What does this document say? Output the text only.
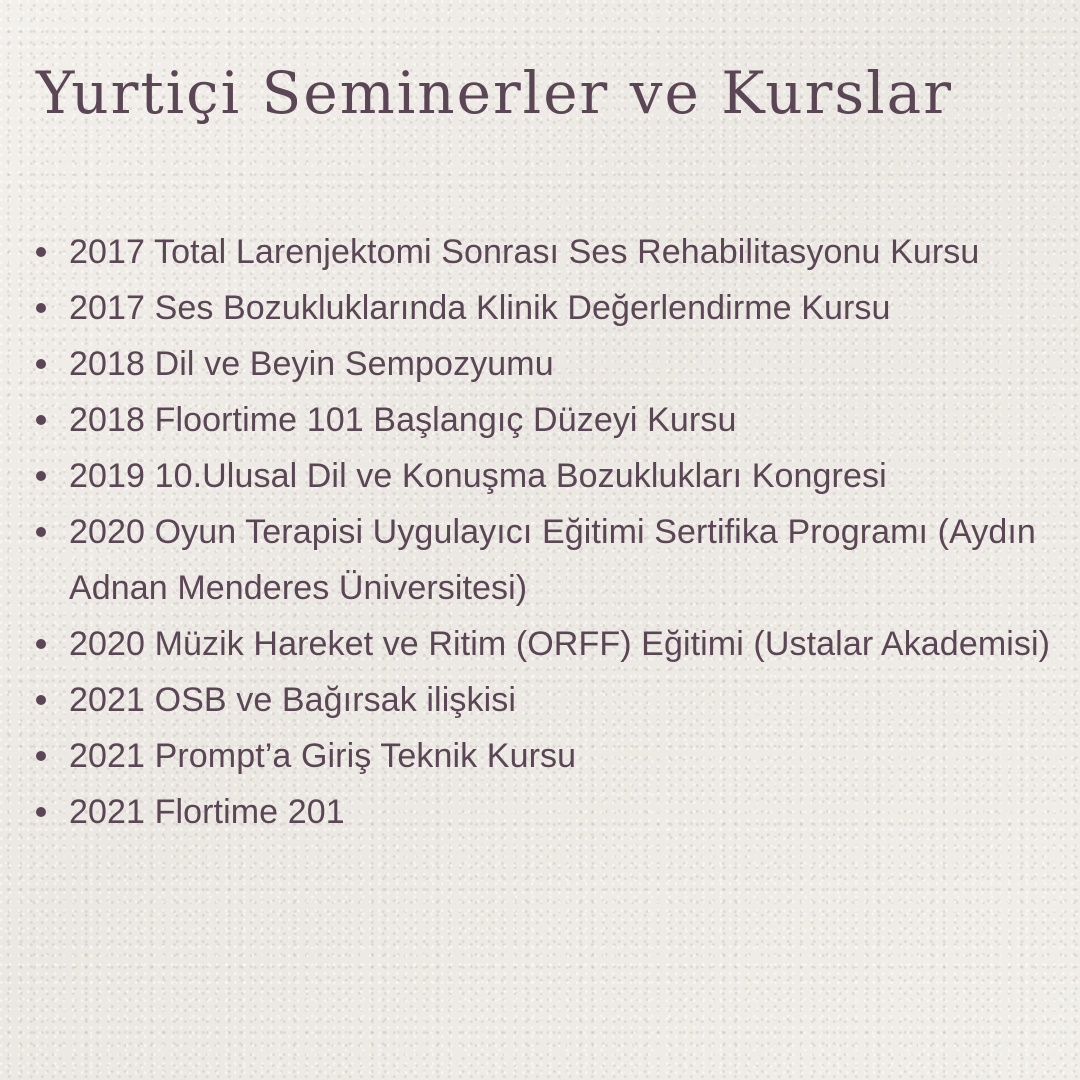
Yurtiçi Seminerler ve Kurslar
2017 Total Larenjektomi Sonrası Ses Rehabilitasyonu Kursu
2017 Ses Bozukluklarında Klinik Değerlendirme Kursu
2018 Dil ve Beyin Sempozyumu
2018 Floortime 101 Başlangıç Düzeyi Kursu
2019 10.Ulusal Dil ve Konuşma Bozuklukları Kongresi
2020 Oyun Terapisi Uygulayıcı Eğitimi Sertifika Programı (Aydın Adnan Menderes Üniversitesi)
2020 Müzik Hareket ve Ritim (ORFF) Eğitimi (Ustalar Akademisi)
2021 OSB ve Bağırsak ilişkisi
2021 Prompt’a Giriş Teknik Kursu
2021 Flortime 201
